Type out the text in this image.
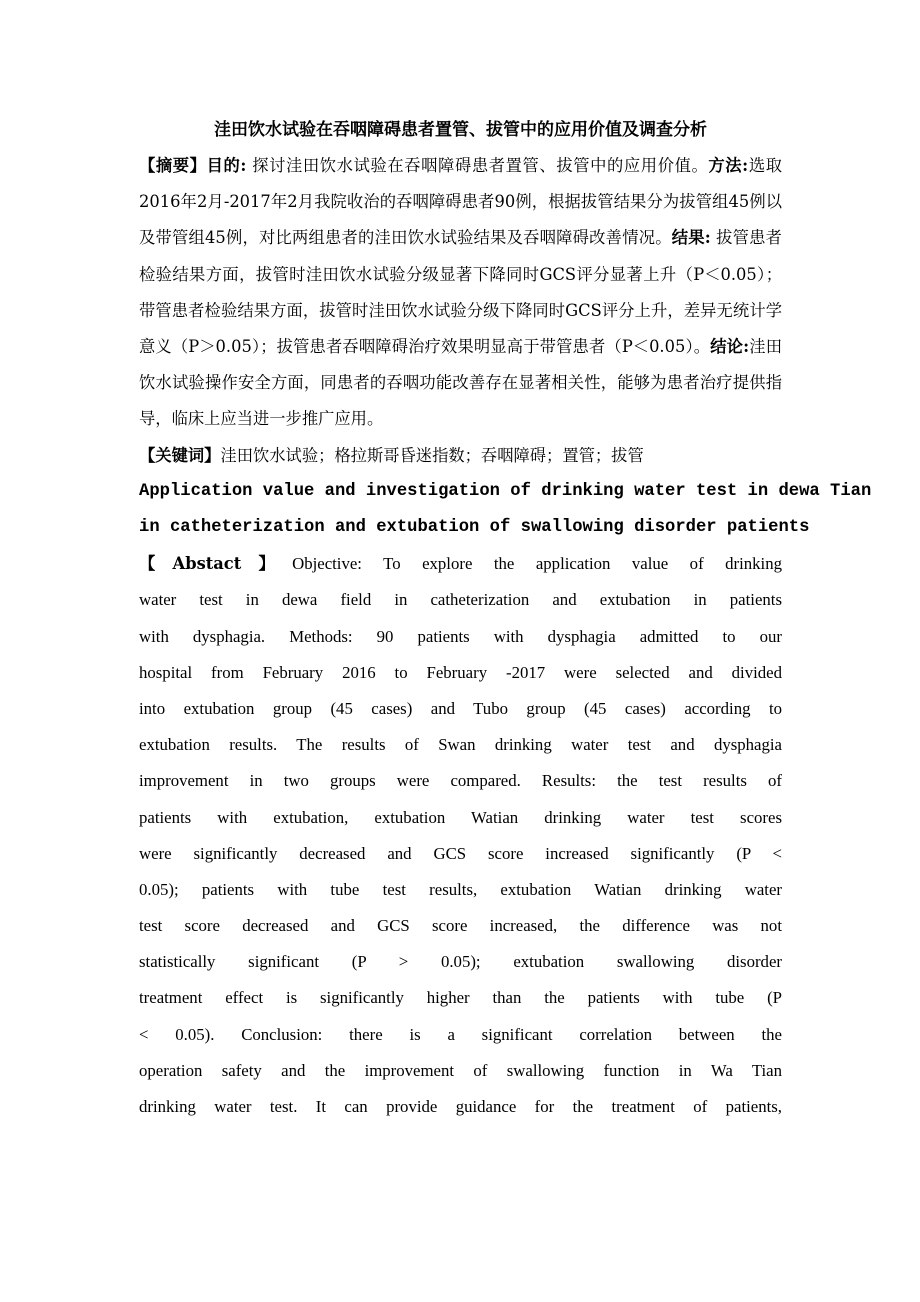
洼田饮水试验在吞咽障碍患者置管、拔管中的应用价值及调查分析

【摘要】目的: 探讨洼田饮水试验在吞咽障碍患者置管、拔管中的应用价值。方法:选取2016年2月-2017年2月我院收治的吞咽障碍患者90例，根据拔管结果分为拔管组45例以及带管组45例，对比两组患者的洼田饮水试验结果及吞咽障碍改善情况。结果: 拔管患者检验结果方面，拔管时洼田饮水试验分级显著下降同时GCS评分显著上升（P＜0.05）；带管患者检验结果方面，拔管时洼田饮水试验分级下降同时GCS评分上升，差异无统计学意义（P＞0.05）；拔管患者吞咽障碍治疗效果明显高于带管患者（P＜0.05）。结论:洼田饮水试验操作安全方面，同患者的吞咽功能改善存在显著相关性，能够为患者治疗提供指导，临床上应当进一步推广应用。

【关键词】洼田饮水试验；格拉斯哥昏迷指数；吞咽障碍；置管；拔管

Application value and investigation of drinking water test in dewa Tian

in catheterization and extubation of swallowing disorder patients

【Abstact】Objective: To explore the application value of drinking
water test in dewa field in catheterization and extubation in patients
with dysphagia. Methods: 90 patients with dysphagia admitted to our
hospital from February 2016 to February -2017 were selected and divided
into extubation group (45 cases) and Tubo group (45 cases) according to
extubation results. The results of Swan drinking water test and dysphagia
improvement in two groups were compared. Results: the test results of
patients with extubation, extubation Watian drinking water test scores
were significantly decreased and GCS score increased significantly (P <
0.05); patients with tube test results, extubation Watian drinking water
test score decreased and GCS score increased, the difference was not
statistically significant (P > 0.05); extubation swallowing disorder
treatment effect is significantly higher than the patients with tube (P
< 0.05). Conclusion: there is a significant correlation between the
operation safety and the improvement of swallowing function in Wa Tian
drinking water test. It can provide guidance for the treatment of patients,
